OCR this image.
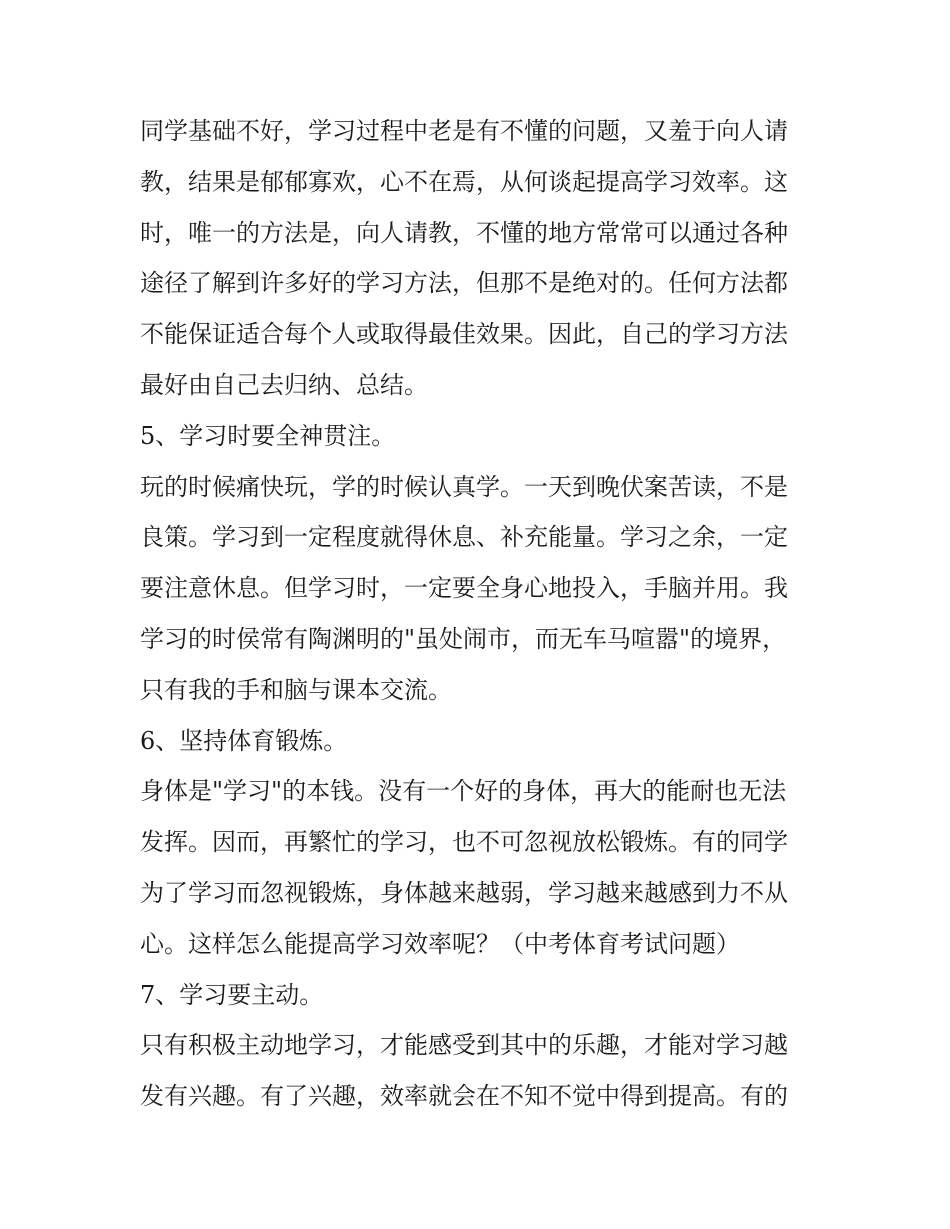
同学基础不好，学习过程中老是有不懂的问题，又羞于向人请
教，结果是郁郁寡欢，心不在焉，从何谈起提高学习效率。这
时，唯一的方法是，向人请教，不懂的地方常常可以通过各种
途径了解到许多好的学习方法，但那不是绝对的。任何方法都
不能保证适合每个人或取得最佳效果。因此，自己的学习方法
最好由自己去归纳、总结。
5、学习时要全神贯注。
玩的时候痛快玩，学的时候认真学。一天到晚伏案苦读，不是
良策。学习到一定程度就得休息、补充能量。学习之余，一定
要注意休息。但学习时，一定要全身心地投入，手脑并用。我
学习的时侯常有陶渊明的"虽处闹市，而无车马喧嚣"的境界，
只有我的手和脑与课本交流。
6、坚持体育锻炼。
身体是"学习"的本钱。没有一个好的身体，再大的能耐也无法
发挥。因而，再繁忙的学习，也不可忽视放松锻炼。有的同学
为了学习而忽视锻炼，身体越来越弱，学习越来越感到力不从
心。这样怎么能提高学习效率呢？（中考体育考试问题）
7、学习要主动。
只有积极主动地学习，才能感受到其中的乐趣，才能对学习越
发有兴趣。有了兴趣，效率就会在不知不觉中得到提高。有的
